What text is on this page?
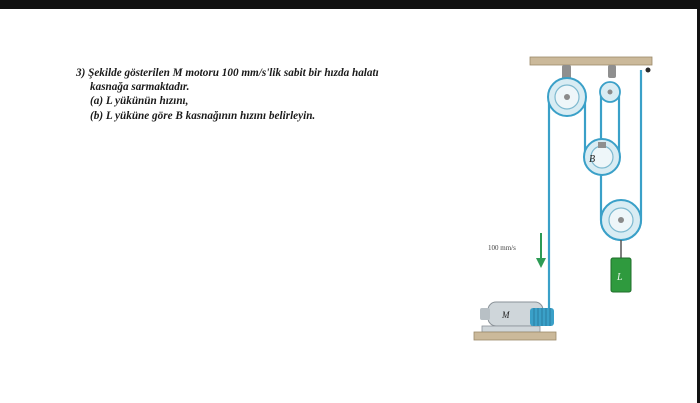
3) Şekilde gösterilen M motoru 100 mm/s'lik sabit bir hızda halatı
kasnağa sarmaktadır.
(a) L yükünün hızını,
(b) L yüküne göre B kasnağının hızını belirleyin.
B
L
100 mm/s
M
